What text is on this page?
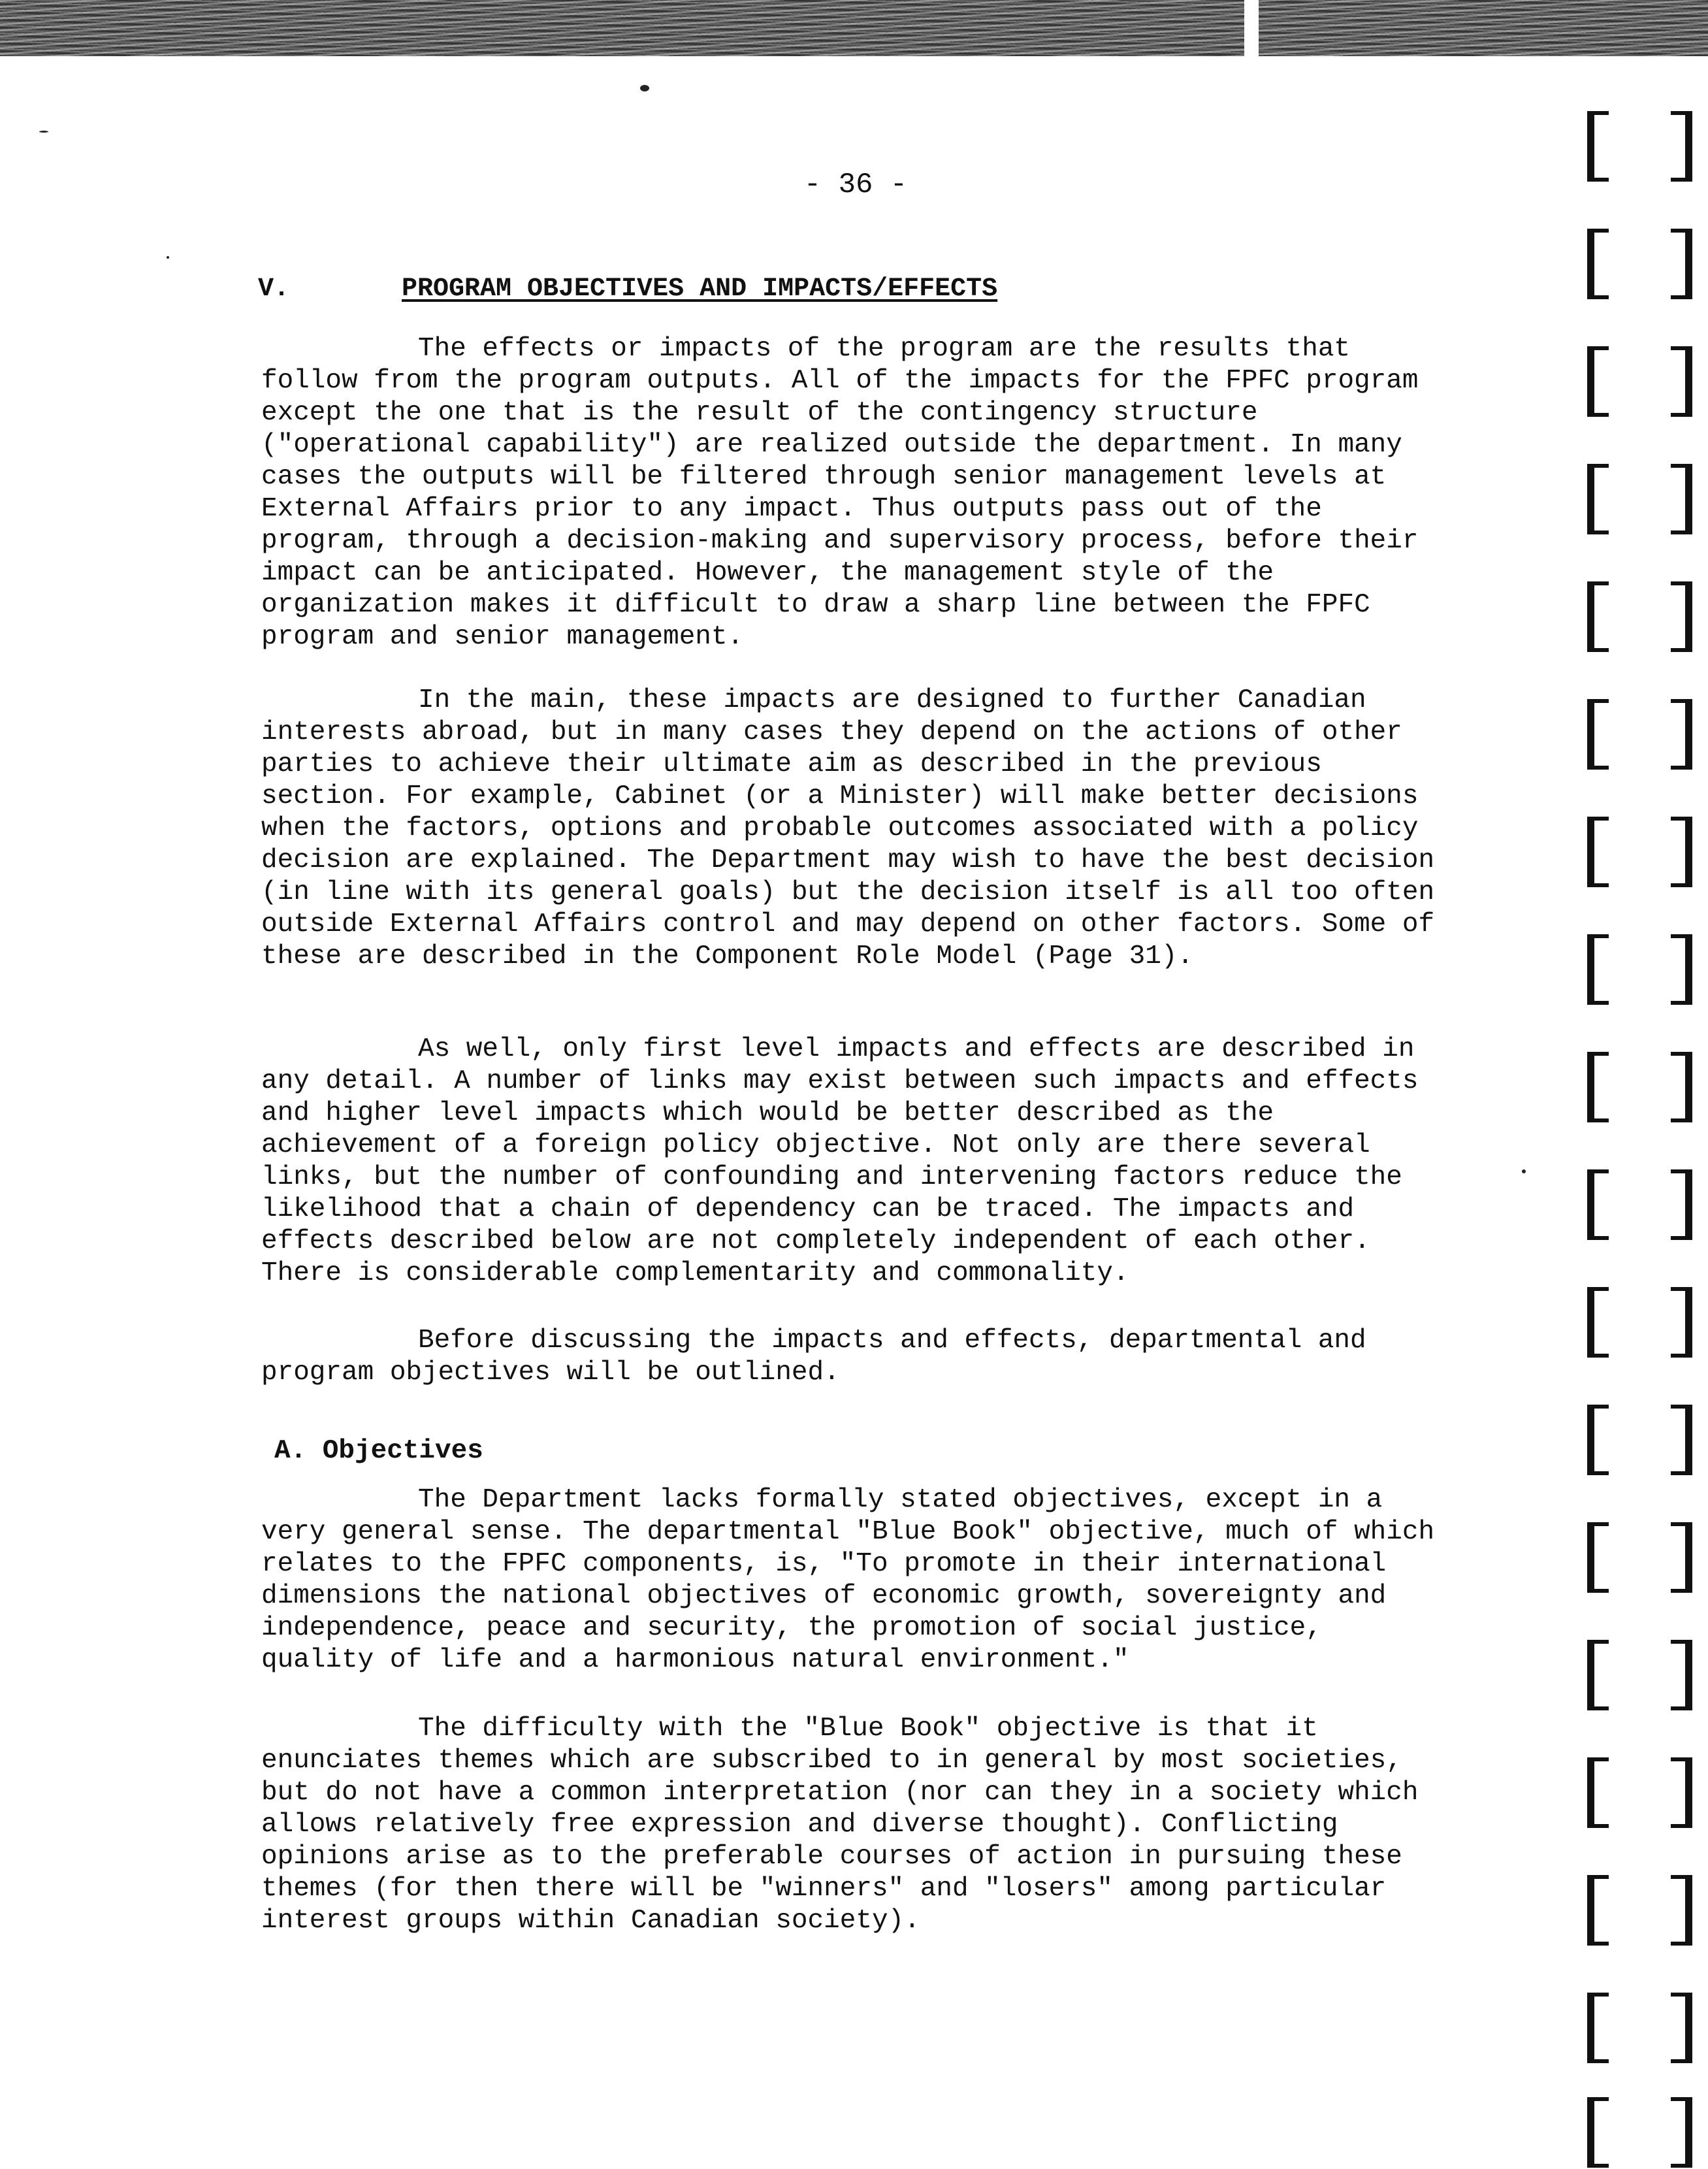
- 36 -
V.	PROGRAM OBJECTIVES AND IMPACTS/EFFECTS

The effects or impacts of the program are the results that follow from the program outputs. All of the impacts for the FPFC program except the one that is the result of the contingency structure ("operational capability") are realized outside the department. In many cases the outputs will be filtered through senior management levels at External Affairs prior to any impact. Thus outputs pass out of the program, through a decision-making and supervisory process, before their impact can be anticipated. However, the management style of the organization makes it difficult to draw a sharp line between the FPFC program and senior management.

In the main, these impacts are designed to further Canadian interests abroad, but in many cases they depend on the actions of other parties to achieve their ultimate aim as described in the previous section. For example, Cabinet (or a Minister) will make better decisions when the factors, options and probable outcomes associated with a policy decision are explained. The Department may wish to have the best decision (in line with its general goals) but the decision itself is all too often outside External Affairs control and may depend on other factors. Some of these are described in the Component Role Model (Page 31).

As well, only first level impacts and effects are described in any detail. A number of links may exist between such impacts and effects and higher level impacts which would be better described as the achievement of a foreign policy objective. Not only are there several links, but the number of confounding and intervening factors reduce the likelihood that a chain of dependency can be traced. The impacts and effects described below are not completely independent of each other. There is considerable complementarity and commonality.

Before discussing the impacts and effects, departmental and program objectives will be outlined.

A. Objectives

The Department lacks formally stated objectives, except in a very general sense. The departmental "Blue Book" objective, much of which relates to the FPFC components, is, "To promote in their international dimensions the national objectives of economic growth, sovereignty and independence, peace and security, the promotion of social justice, quality of life and a harmonious natural environment."

The difficulty with the "Blue Book" objective is that it enunciates themes which are subscribed to in general by most societies, but do not have a common interpretation (nor can they in a society which allows relatively free expression and diverse thought). Conflicting opinions arise as to the preferable courses of action in pursuing these themes (for then there will be "winners" and "losers" among particular interest groups within Canadian society).
